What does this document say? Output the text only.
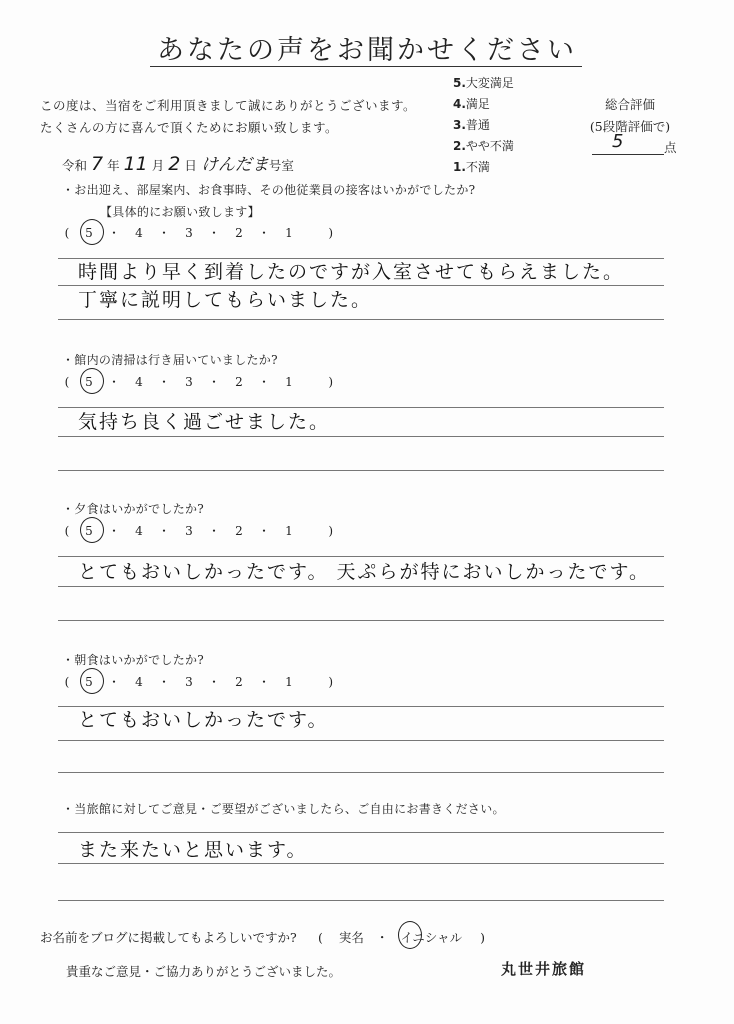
あなたの声をお聞かせください
この度は、当宿をご利用頂きまして誠にありがとうございます。
たくさんの方に喜んで頂くためにお願い致します。
5.大変満足
4.満足
3.普通
2.やや不満
1.不満
総合評価
(5段階評価で)
5	点
令和 7 年 11 月 2 日 けんだま号室
・お出迎え、部屋案内、お食事時、その他従業員の接客はいかがでしたか?
【具体的にお願い致します】
( 5 ・ 4 ・ 3 ・ 2 ・ 1	)
時間より早く到着したのですが入室させてもらえました。
丁寧に説明してもらいました。
・館内の清掃は行き届いていましたか?
( 5 ・ 4 ・ 3 ・ 2 ・ 1	)
気持ち良く過ごせました。
・夕食はいかがでしたか?
( 5 ・ 4 ・ 3 ・ 2 ・ 1	)
とてもおいしかったです。 天ぷらが特においしかったです。
・朝食はいかがでしたか?
( 5 ・ 4 ・ 3 ・ 2 ・ 1	)
とてもおいしかったです。
・当旅館に対してご意見・ご要望がございましたら、ご自由にお書きください。
また来たいと思います。
お名前をブログに掲載してもよろしいですか? ( 実名 ・ イニシャル )
貴重なご意見・ご協力ありがとうございました。	丸世井旅館
